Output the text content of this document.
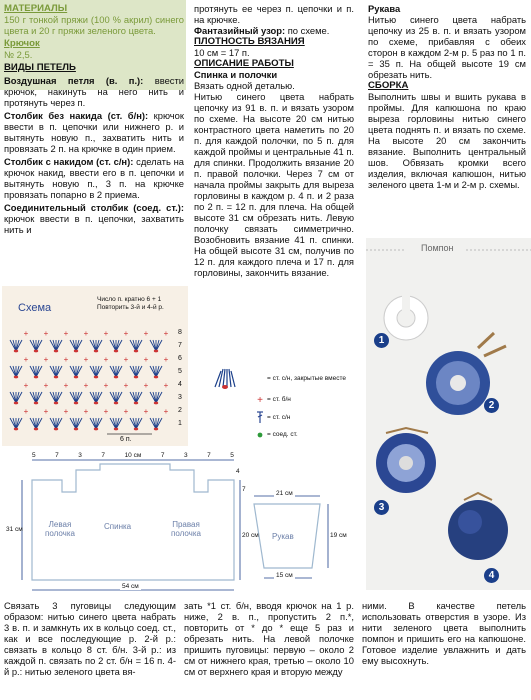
МАТЕРИАЛЫ

150 г тонкой пряжи (100 % акрил) синего цвета и 20 г пряжи зеленого цвета.

Крючок

№ 2,5.

ВИДЫ ПЕТЕЛЬ

Воздушная петля (в. п.): ввести крючок, накинуть на него нить и протянуть через п.

Столбик без накида (ст. б/н): крючок ввести в п. цепочки или нижнего р. и вытянуть новую п., захватить нить и провязать 2 п. на крючке в один прием.

Столбик с накидом (ст. с/н): сделать на крючок накид, ввести его в п. цепочки и вытянуть новую п., 3 п. на крючке провязать попарно в 2 приема.

Соединительный столбик (соед. ст.): крючок ввести в п. цепочки, захватить нить и

протянуть ее через п. цепочки и п. на крючке.

Фантазийный узор: по схеме.

ПЛОТНОСТЬ ВЯЗАНИЯ

10 см = 17 п.

ОПИСАНИЕ РАБОТЫ
Спинка и полочки

Вязать одной деталью.

Нитью синего цвета набрать цепочку из 91 в. п. и вязать узором по схеме. На высоте 20 см нитью контрастного цвета наметить по 20 п. для каждой полочки, по 5 п. для каждой проймы и центральные 41 п. для спинки. Продолжить вязание 20 п. правой полочки. Через 7 см от начала проймы закрыть для выреза горловины в каждом р. 4 п. и 2 раза по 2 п. = 12 п. для плеча. На общей высоте 31 см обрезать нить. Левую полочку связать симметрично. Возобновить вязание 41 п. спинки. На общей высоте 31 см, получив по 12 п. для каждого плеча и 17 п. для горловины, закончить вязание.

Рукава

Нитью синего цвета набрать цепочку из 25 в. п. и вязать узором по схеме, прибавляя с обеих сторон в каждом 2-м р. 5 раз по 1 п. = 35 п. На общей высоте 19 см обрезать нить.

СБОРКА

Выполнить швы и вшить рукава в проймы. Для капюшона по краю выреза горловины нитью синего цвета поднять п. и вязать по схеме. На высоте 20 см закончить вязание. Выполнить центральный шов. Обвязать кромки всего изделия, включая капюшон, нитью зеленого цвета 1-м и 2-м р. схемы.

Помпон
1
2
3
4
Схема
Число п. кратно 6 + 1 Повторить 3-й и 4-й р.
+ + + + + + + +
+ + + + + + + +
+ + + + + + + +
+ + + + + + + +	8
7
6
5
4
3
2
1
6 п.
+
= ст. с/н, закрытые вместе
= ст. б/н
= ст. с/н
= соед. ст.
5	7	3	7	10 см	7	3	7	5
4
7
20 см
31 см
Левая полочка
Спинка	Правая полочка
54 см
21 см
Рукав	19 см
15 см

Связать 3 пуговицы следующим образом: нитью синего цвета набрать 3 в. п. и замкнуть их в кольцо соед. ст., как и все последующие р. 2-й р.: связать в кольцо 8 ст. б/н. 3-й р.: из каждой п. связать по 2 ст. б/н = 16 п. 4-й р.: нитью зеленого цвета вя-

зать *1 ст. б/н, вводя крючок на 1 р. ниже, 2 в. п., пропустить 2 п.*, повторить от * до * еще 5 раз и обрезать нить. На левой полочке пришить пуговицы: первую – около 2 см от нижнего края, третью – около 10 см от верхнего края и вторую между

ними. В качестве петель использовать отверстия в узоре. Из нити зеленого цвета выполнить помпон и пришить его на капюшоне. Готовое изделие увлажнить и дать ему высохнуть.
